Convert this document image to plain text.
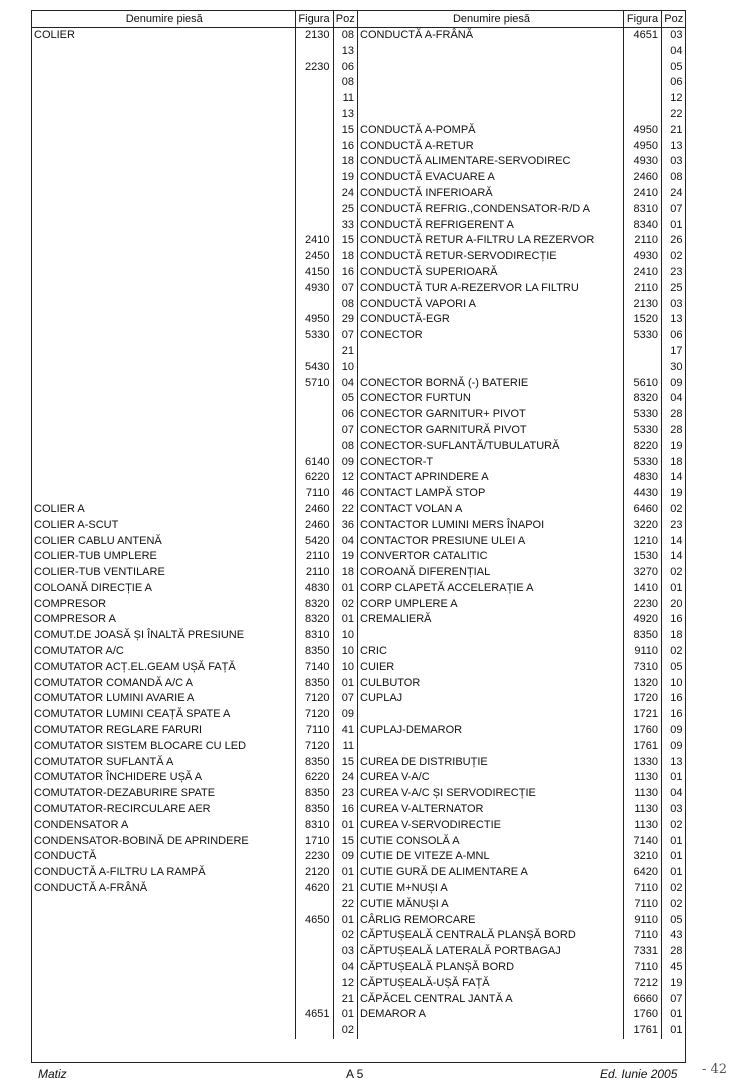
Denumire piesă	Figura	Poz
COLIER	2130	08
		13
	2230	06
		08
		11
		13
		15
		16
		18
		19
		24
		25
		33
	2410	15
	2450	18
	4150	16
	4930	07
		08
	4950	29
	5330	07
		21
	5430	10
	5710	04
		05
		06
		07
		08
	6140	09
	6220	12
	7110	46
COLIER A	2460	22
COLIER A-SCUT	2460	36
COLIER CABLU ANTENĂ	5420	04
COLIER-TUB UMPLERE	2110	19
COLIER-TUB VENTILARE	2110	18
COLOANĂ DIRECȚIE A	4830	01
COMPRESOR	8320	02
COMPRESOR A	8320	01
COMUT.DE JOASĂ ȘI ÎNALTĂ PRESIUNE	8310	10
COMUTATOR A/C	8350	10
COMUTATOR ACȚ.EL.GEAM UȘĂ FAȚĂ	7140	10
COMUTATOR COMANDĂ A/C A	8350	01
COMUTATOR LUMINI AVARIE A	7120	07
COMUTATOR LUMINI CEAȚĂ SPATE A	7120	09
COMUTATOR REGLARE FARURI	7110	41
COMUTATOR SISTEM BLOCARE CU LED	7120	11
COMUTATOR SUFLANTĂ A	8350	15
COMUTATOR ÎNCHIDERE UȘĂ A	6220	24
COMUTATOR-DEZABURIRE SPATE	8350	23
COMUTATOR-RECIRCULARE AER	8350	16
CONDENSATOR A	8310	01
CONDENSATOR-BOBINĂ DE APRINDERE	1710	15
CONDUCTĂ	2230	09
CONDUCTĂ A-FILTRU LA RAMPĂ	2120	01
CONDUCTĂ A-FRÂNĂ	4620	21
		22
	4650	01
		02
		03
		04
		12
		21
	4651	01
		02
Denumire piesă	Figura	Poz
CONDUCTĂ A-FRÂNĂ	4651	03
		04
		05
		06
		12
		22
CONDUCTĂ A-POMPĂ	4950	21
CONDUCTĂ A-RETUR	4950	13
CONDUCTĂ ALIMENTARE-SERVODIREC	4930	03
CONDUCTĂ EVACUARE A	2460	08
CONDUCTĂ INFERIOARĂ	2410	24
CONDUCTĂ REFRIG.,CONDENSATOR-R/D A	8310	07
CONDUCTĂ REFRIGERENT A	8340	01
CONDUCTĂ RETUR A-FILTRU LA REZERVOR	2110	26
CONDUCTĂ RETUR-SERVODIRECȚIE	4930	02
CONDUCTĂ SUPERIOARĂ	2410	23
CONDUCTĂ TUR A-REZERVOR LA FILTRU	2110	25
CONDUCTĂ VAPORI A	2130	03
CONDUCTĂ-EGR	1520	13
CONECTOR	5330	06
		17
		30
CONECTOR BORNĂ (-) BATERIE	5610	09
CONECTOR FURTUN	8320	04
CONECTOR GARNITUR+ PIVOT	5330	28
CONECTOR GARNITURĂ PIVOT	5330	28
CONECTOR-SUFLANTĂ/TUBULATURĂ	8220	19
CONECTOR-T	5330	18
CONTACT APRINDERE A	4830	14
CONTACT LAMPĂ STOP	4430	19
CONTACT VOLAN A	6460	02
CONTACTOR LUMINI MERS ÎNAPOI	3220	23
CONTACTOR PRESIUNE ULEI A	1210	14
CONVERTOR CATALITIC	1530	14
COROANĂ DIFERENȚIAL	3270	02
CORP CLAPETĂ ACCELERAȚIE A	1410	01
CORP UMPLERE A	2230	20
CREMALIERĂ	4920	16
	8350	18
CRIC	9110	02
CUIER	7310	05
CULBUTOR	1320	10
CUPLAJ	1720	16
	1721	16
CUPLAJ-DEMAROR	1760	09
	1761	09
CUREA DE DISTRIBUȚIE	1330	13
CUREA V-A/C	1130	01
CUREA V-A/C ȘI SERVODIRECȚIE	1130	04
CUREA V-ALTERNATOR	1130	03
CUREA V-SERVODIRECTIE	1130	02
CUTIE CONSOLĂ A	7140	01
CUTIE DE VITEZE A-MNL	3210	01
CUTIE GURĂ DE ALIMENTARE A	6420	01
CUTIE M+NUȘI A	7110	02
CUTIE MĂNUȘI A	7110	02
CÂRLIG REMORCARE	9110	05
CĂPTUȘEALĂ CENTRALĂ PLANȘĂ BORD	7110	43
CĂPTUȘEALĂ LATERALĂ PORTBAGAJ	7331	28
CĂPTUȘEALĂ PLANȘĂ BORD	7110	45
CĂPTUȘEALĂ-UȘĂ FAȚĂ	7212	19
CĂPĂCEL CENTRAL JANTĂ A	6660	07
DEMAROR A	1760	01
	1761	01
Matiz	A 5	Ed. Iunie 2005 - 42
